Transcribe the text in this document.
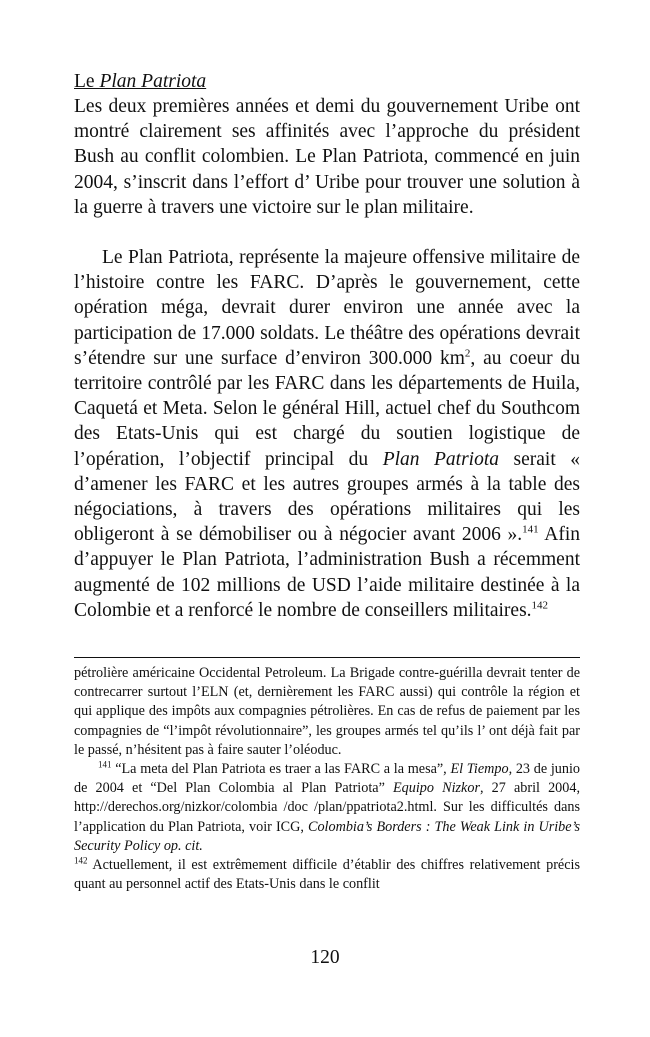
Le Plan Patriota

Les deux premières années et demi du gouvernement Uribe ont montré clairement ses affinités avec l’approche du président Bush au conflit colombien. Le Plan Patriota, commencé en juin 2004, s’inscrit dans l’effort d’ Uribe pour trouver une solution à la guerre à travers une victoire sur le plan militaire.

Le Plan Patriota, représente la majeure offensive militaire de l’histoire contre les FARC. D’après le gouvernement, cette opération méga, devrait durer environ une année avec la participation de 17.000 soldats. Le théâtre des opérations devrait s’étendre sur une surface d’environ 300.000 $km^2$, au coeur du territoire contrôlé par les FARC dans les départements de Huila, Caquetá et Meta. Selon le général Hill, actuel chef du Southcom des Etats-Unis qui est chargé du soutien logistique de l’opération, l’objectif principal du Plan Patriota serait « d’amener les FARC et les autres groupes armés à la table des négociations, à travers des opérations militaires qui les obligeront à se démobiliser ou à négocier avant 2006 ».$^{141}$ Afin d’appuyer le Plan Patriota, l’administration Bush a récemment augmenté de 102 millions de USD l’aide militaire destinée à la Colombie et a renforcé le nombre de conseillers militaires.$^{142}$

pétrolière américaine Occidental Petroleum. La Brigade contre-guérilla devrait tenter de contrecarrer surtout l’ELN (et, dernièrement les FARC aussi) qui contrôle la région et qui applique des impôts aux compagnies pétrolières. En cas de refus de paiement par les compagnies de “l’impôt révolutionnaire”, les groupes armés tel qu’ils l’ ont déjà fait par le passé, n’hésitent pas à faire sauter l’oléoduc.

$^{141}$ “La meta del Plan Patriota es traer a las FARC a la mesa”, El Tiempo, 23 de junio de 2004 et “Del Plan Colombia al Plan Patriota” Equipo Nizkor, 27 abril 2004, http://derechos.org/nizkor/colombia /doc /plan/ppatriota2.html. Sur les difficultés dans l’application du Plan Patriota, voir ICG, Colombia’s Borders : The Weak Link in Uribe’s Security Policy op. cit.

$^{142}$ Actuellement, il est extrêmement difficile d’établir des chiffres relativement précis quant au personnel actif des Etats-Unis dans le conflit

120
